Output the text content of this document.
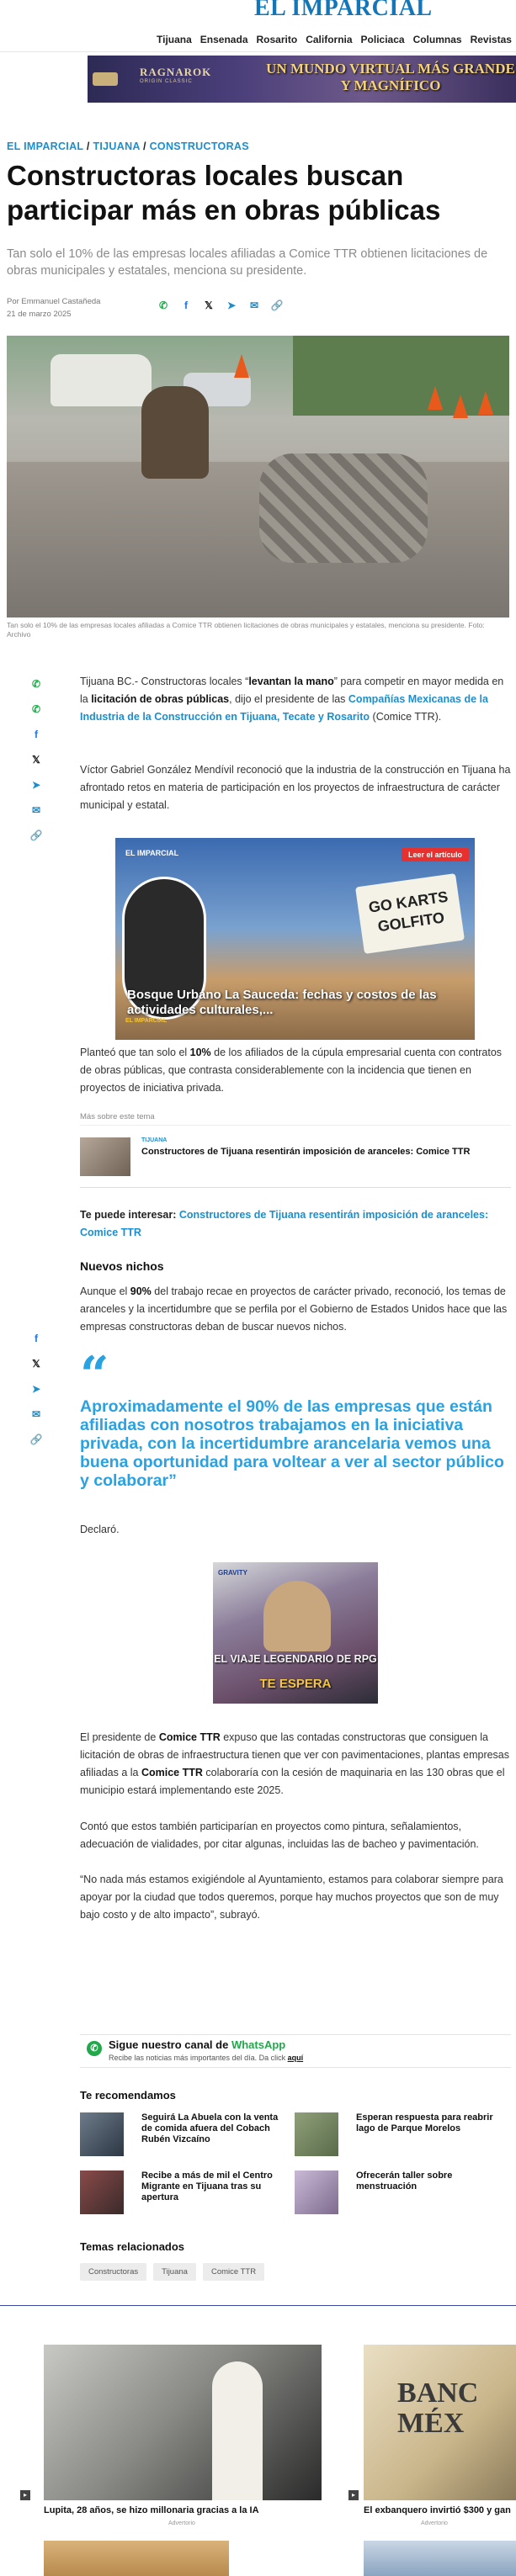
EL IMPARCIAL
Tijuana Ensenada Rosarito California Policiaca Columnas Revistas
RAGNAROK
ORIGIN CLASSIC
UN MUNDO VIRTUAL MÁS GRANDE Y MAGNÍFICO
EL IMPARCIAL / TIJUANA / CONSTRUCTORAS
Constructoras locales buscan participar más en obras públicas

Tan solo el 10% de las empresas locales afiliadas a Comice TTR obtienen licitaciones de obras municipales y estatales, menciona su presidente.

Por Emmanuel Castañeda
21 de marzo 2025
✆	f	𝕏 ➤ ✉ 🔗
Tan solo el 10% de las empresas locales afiliadas a Comice TTR obtienen licitaciones de obras municipales y estatales, menciona su presidente. Foto: Archivo
✆
✆
f
𝕏
➤
✉
🔗

Tijuana BC.- Constructoras locales “levantan la mano” para competir en mayor medida en la licitación de obras públicas, dijo el presidente de las Compañías Mexicanas de la Industria de la Construcción en Tijuana, Tecate y Rosarito (Comice TTR).

Víctor Gabriel González Mendívil reconoció que la industria de la construcción en Tijuana ha afrontado retos en materia de participación en los proyectos de infraestructura de carácter municipal y estatal.

EL IMPARCIAL	Leer el artículo
GO KARTS GOLFITO
Bosque Urbano La Sauceda: fechas y costos de las actividades culturales,...
EL IMPARCIAL

Planteó que tan solo el 10% de los afiliados de la cúpula empresarial cuenta con contratos de obras públicas, que contrasta considerablemente con la incidencia que tienen en proyectos de iniciativa privada.

Más sobre este tema
TIJUANA
Constructores de Tijuana resentirán imposición de aranceles: Comice TTR

Te puede interesar: Constructores de Tijuana resentirán imposición de aranceles: Comice TTR

Nuevos nichos

Aunque el 90% del trabajo recae en proyectos de carácter privado, reconoció, los temas de aranceles y la incertidumbre que se perfila por el Gobierno de Estados Unidos hace que las empresas constructoras deban de buscar nuevos nichos.

f
𝕏
➤
✉
🔗
“
Aproximadamente el 90% de las empresas que están afiliadas con nosotros trabajamos en la iniciativa privada, con la incertidumbre arancelaria vemos una buena oportunidad para voltear a ver al sector público y colaborar”

Declaró.

GRAVITY
EL VIAJE LEGENDARIO DE RPG
TE ESPERA

El presidente de Comice TTR expuso que las contadas constructoras que consiguen la licitación de obras de infraestructura tienen que ver con pavimentaciones, plantas empresas afiliadas a la Comice TTR colaboraría con la cesión de maquinaria en las 130 obras que el municipio estará implementando este 2025.

Contó que estos también participarían en proyectos como pintura, señalamientos, adecuación de vialidades, por citar algunas, incluidas las de bacheo y pavimentación.

“No nada más estamos exigiéndole al Ayuntamiento, estamos para colaborar siempre para apoyar por la ciudad que todos queremos, porque hay muchos proyectos que son de muy bajo costo y de alto impacto”, subrayó.

✆ Sigue nuestro canal de WhatsApp
Recibe las noticias más importantes del día. Da click aquí
Te recomendamos
Seguirá La Abuela con la venta de comida afuera del Cobach Rubén Vizcaíno
Esperan respuesta para reabrir lago de Parque Morelos
Recibe a más de mil el Centro Migrante en Tijuana tras su apertura
Ofrecerán taller sobre menstruación
Temas relacionados
Constructoras	Tijuana	Comice TTR
BANC
MÉX
▸
Lupita, 28 años, se hizo millonaria gracias a la IA
Advertorio
▸
El exbanquero invirtió $300 y gan
Advertorio
